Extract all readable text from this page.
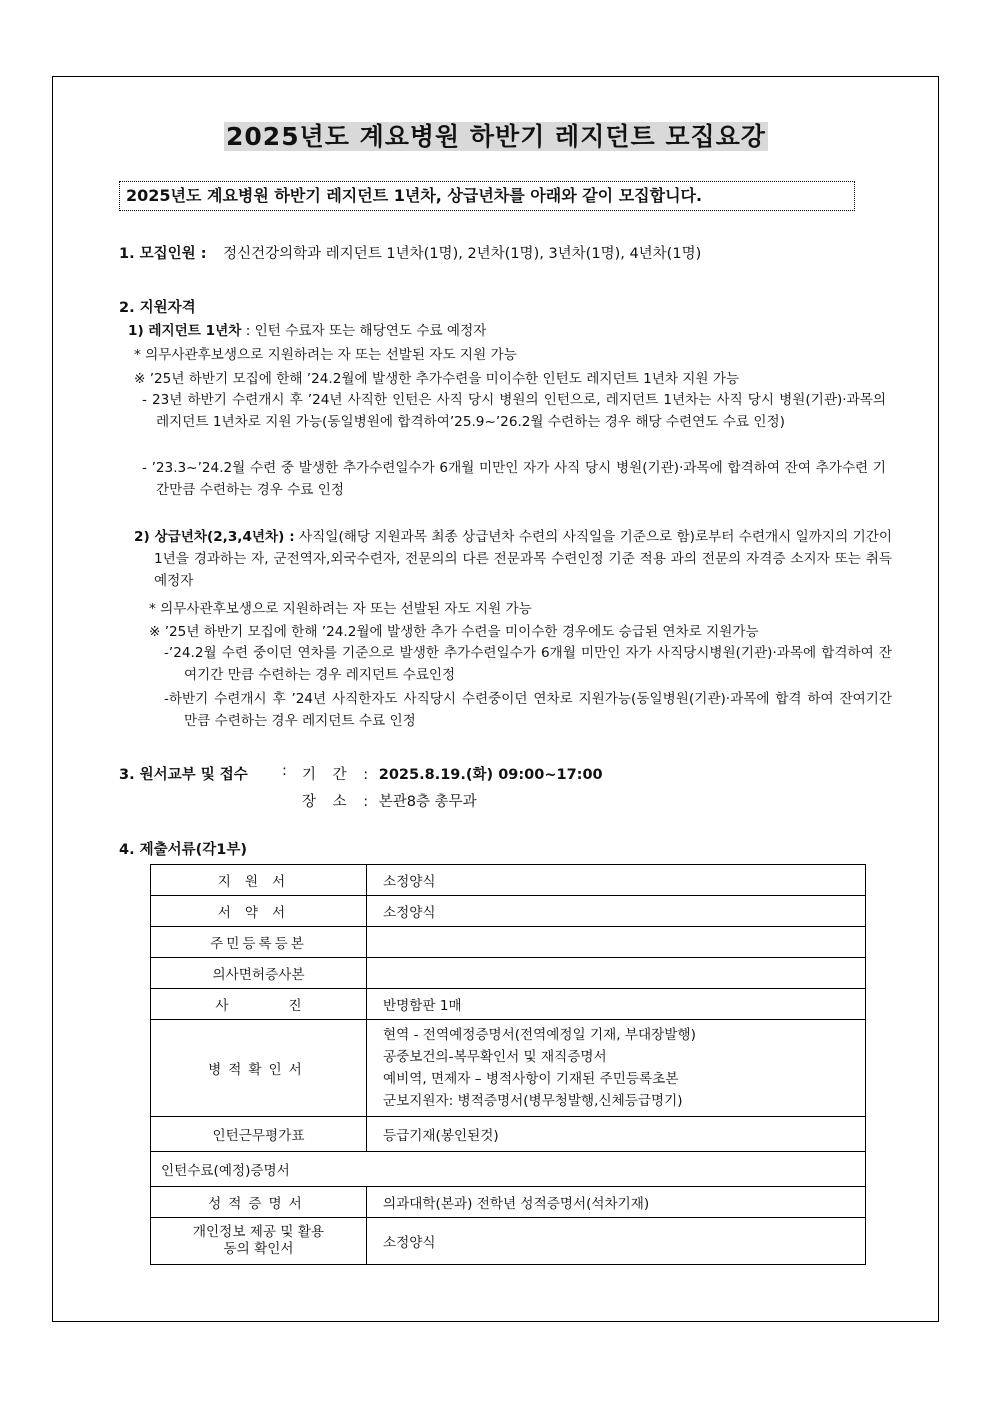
2025년도 계요병원 하반기 레지던트 모집요강
2025년도 계요병원 하반기 레지던트 1년차, 상급년차를 아래와 같이 모집합니다.
1. 모집인원 : 정신건강의학과 레지던트 1년차(1명), 2년차(1명), 3년차(1명), 4년차(1명)
2. 지원자격
1) 레지던트 1년차 : 인턴 수료자 또는 해당연도 수료 예정자
* 의무사관후보생으로 지원하려는 자 또는 선발된 자도 지원 가능
※ ’25년 하반기 모집에 한해 ’24.2월에 발생한 추가수련을 미이수한 인턴도 레지던트 1년차 지원 가능
- 23년 하반기 수련개시 후 ’24년 사직한 인턴은 사직 당시 병원의 인턴으로, 레지던트 1년차는 사직 당시 병원(기관)·과목의 레지던트 1년차로 지원 가능(동일병원에 합격하여’25.9~’26.2월 수련하는 경우 해당 수련연도 수료 인정)
- ’23.3~’24.2월 수련 중 발생한 추가수련일수가 6개월 미만인 자가 사직 당시 병원(기관)·과목에 합격하여 잔여 추가수련 기간만큼 수련하는 경우 수료 인정
2) 상급년차(2,3,4년차) : 사직일(해당 지원과목 최종 상급년차 수련의 사직일을 기준으로 함)로부터 수련개시 일까지의 기간이 1년을 경과하는 자, 군전역자,외국수련자, 전문의의 다른 전문과목 수련인정 기준 적용 과의 전문의 자격증 소지자 또는 취득 예정자
* 의무사관후보생으로 지원하려는 자 또는 선발된 자도 지원 가능
※ ’25년 하반기 모집에 한해 ’24.2월에 발생한 추가 수련을 미이수한 경우에도 승급된 연차로 지원가능
-’24.2월 수련 중이던 연차를 기준으로 발생한 추가수련일수가 6개월 미만인 자가 사직당시병원(기관)·과목에 합격하여 잔여기간 만큼 수련하는 경우 레지던트 수료인정
-하반기 수련개시 후 ’24년 사직한자도 사직당시 수련중이던 연차로 지원가능(동일병원(기관)·과목에 합격 하여 잔여기간 만큼 수련하는 경우 레지던트 수료 인정
3. 원서교부 및 접수 : 기 간 : 2025.8.19.(화) 09:00~17:00
장 소 : 본관8층 총무과
4. 제출서류(각1부)
지원서	소정양식
서약서	소정양식
주민등록등본	
의사면허증사본	
사진	반명함판 1매
병적확인서	현역 - 전역예정증명서(전역예정일 기재, 부대장발행)
공중보건의-복무확인서 및 재직증명서
예비역, 면제자 – 병적사항이 기재된 주민등록초본
군보지원자: 병적증명서(병무청발행,신체등급명기)

인턴근무평가표	등급기재(봉인된것)
인턴수료(예정)증명서	
성적증명서	의과대학(본과) 전학년 성적증명서(석차기재)

개인정보 제공 및 활용
동의 확인서	소정양식
